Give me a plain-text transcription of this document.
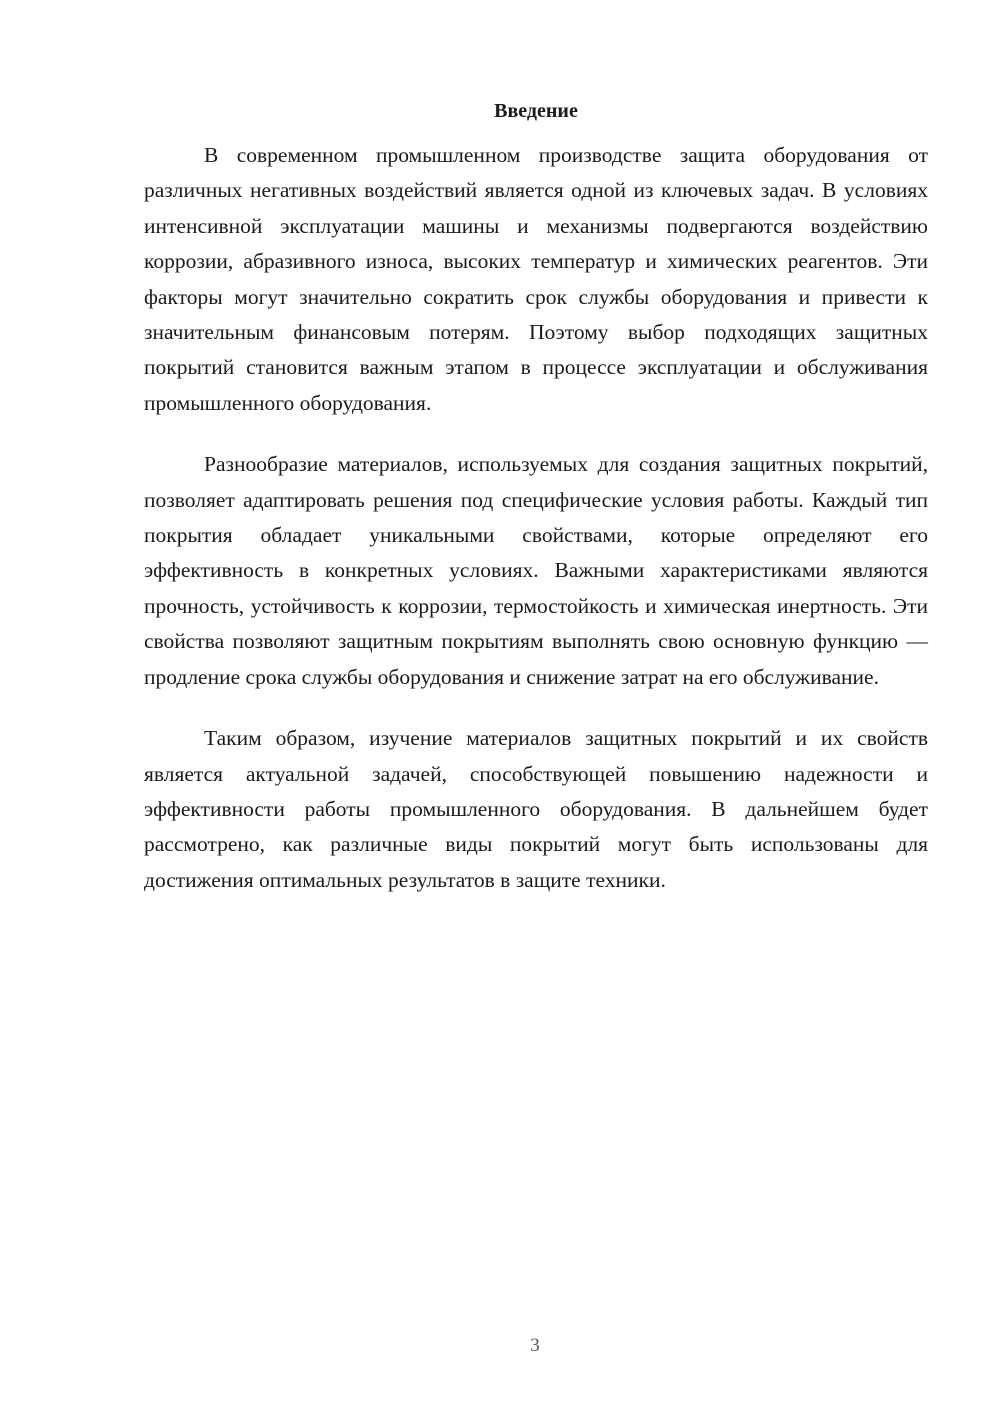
Введение

В современном промышленном производстве защита оборудования от различных негативных воздействий является одной из ключевых задач. В условиях интенсивной эксплуатации машины и механизмы подвергаются воздействию коррозии, абразивного износа, высоких температур и химических реагентов. Эти факторы могут значительно сократить срок службы оборудования и привести к значительным финансовым потерям. Поэтому выбор подходящих защитных покрытий становится важным этапом в процессе эксплуатации и обслуживания промышленного оборудования.

Разнообразие материалов, используемых для создания защитных покрытий, позволяет адаптировать решения под специфические условия работы. Каждый тип покрытия обладает уникальными свойствами, которые определяют его эффективность в конкретных условиях. Важными характеристиками являются прочность, устойчивость к коррозии, термостойкость и химическая инертность. Эти свойства позволяют защитным покрытиям выполнять свою основную функцию — продление срока службы оборудования и снижение затрат на его обслуживание.

Таким образом, изучение материалов защитных покрытий и их свойств является актуальной задачей, способствующей повышению надежности и эффективности работы промышленного оборудования. В дальнейшем будет рассмотрено, как различные виды покрытий могут быть использованы для достижения оптимальных результатов в защите техники.

3
